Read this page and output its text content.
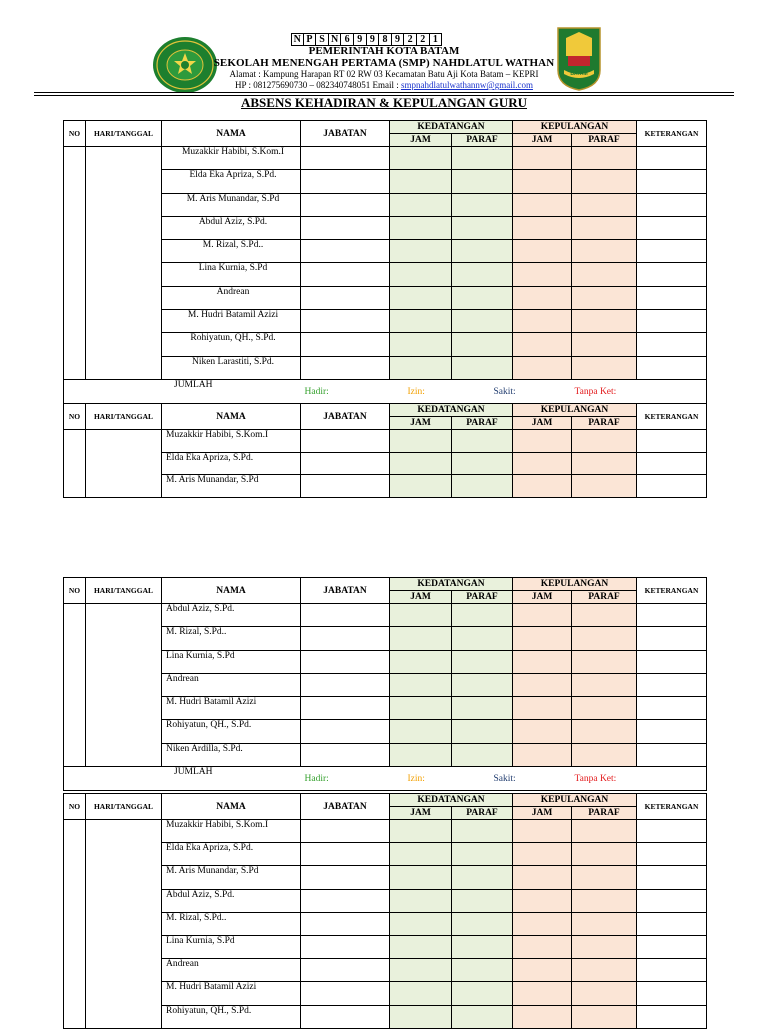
BATAM
N P S N 6 9 9 8 9 2 2 1
PEMERINTAH KOTA BATAM
SEKOLAH MENENGAH PERTAMA (SMP) NAHDLATUL WATHAN
Alamat : Kampung Harapan RT 02 RW 03 Kecamatan Batu Aji Kota Batam – KEPRI
HP : 081275690730 – 082340748051 Email : smpnahdlatulwathannw@gmail.com
ABSENS KEHADIRAN & KEPULANGAN GURU
NO	HARI/TANGGAL	NAMA	JABATAN	KEDATANGAN		KEPULANGAN		KETERANGAN
				JAM	PARAF	JAM	PARAF	
		Muzakkir Habibi, S.Kom.I						
		Elda Eka Apriza, S.Pd.						
		M. Aris Munandar, S.Pd						
		Abdul Aziz, S.Pd.						
		M. Rizal, S.Pd..						
		Lina Kurnia, S.Pd						
		Andrean						
		M. Hudri Batamil Azizi						
		Rohiyatun, QH., S.Pd.						
		Niken Larastiti, S.Pd.						
JUMLAH			Hadir: Izin: Sakit: Tanpa Ket:					
NO	HARI/TANGGAL	NAMA	JABATAN	KEDATANGAN		KEPULANGAN		KETERANGAN
				JAM	PARAF	JAM	PARAF	
		Muzakkir Habibi, S.Kom.I						
		Elda Eka Apriza, S.Pd.						
		M. Aris Munandar, S.Pd						
NO	HARI/TANGGAL	NAMA	JABATAN	KEDATANGAN		KEPULANGAN		KETERANGAN
				JAM	PARAF	JAM	PARAF	
		Abdul Aziz, S.Pd.						
		M. Rizal, S.Pd..						
		Lina Kurnia, S.Pd						
		Andrean						
		M. Hudri Batamil Azizi						
		Rohiyatun, QH., S.Pd.						
		Niken Ardilla, S.Pd.						
JUMLAH			Hadir: Izin: Sakit: Tanpa Ket:					
NO	HARI/TANGGAL	NAMA	JABATAN	KEDATANGAN		KEPULANGAN		KETERANGAN
				JAM	PARAF	JAM	PARAF	
		Muzakkir Habibi, S.Kom.I						
		Elda Eka Apriza, S.Pd.						
		M. Aris Munandar, S.Pd						
		Abdul Aziz, S.Pd.						
		M. Rizal, S.Pd..						
		Lina Kurnia, S.Pd						
		Andrean						
		M. Hudri Batamil Azizi						
		Rohiyatun, QH., S.Pd.						
